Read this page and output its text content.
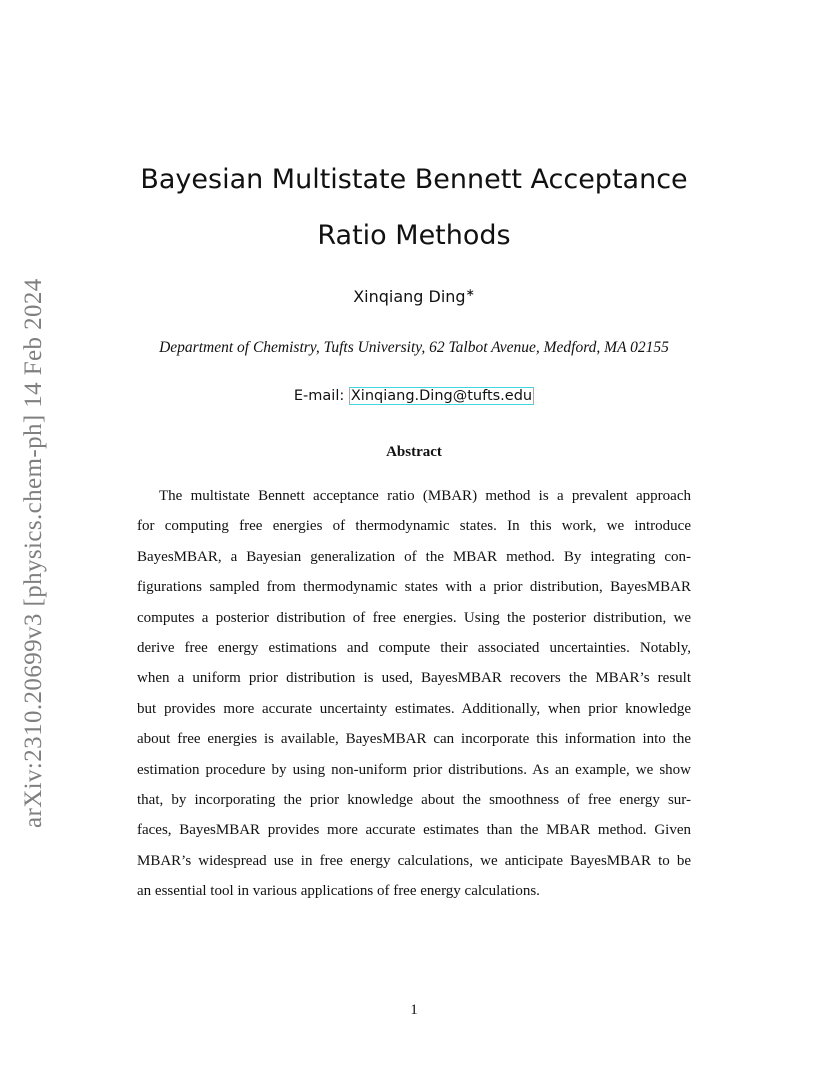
arXiv:2310.20699v3 [physics.chem-ph] 14 Feb 2024
Bayesian Multistate Bennett Acceptance
Ratio Methods
Xinqiang Ding∗
Department of Chemistry, Tufts University, 62 Talbot Avenue, Medford, MA 02155
E-mail: Xinqiang.Ding@tufts.edu
Abstract
The multistate Bennett acceptance ratio (MBAR) method is a prevalent approach
for computing free energies of thermodynamic states. In this work, we introduce
BayesMBAR, a Bayesian generalization of the MBAR method. By integrating con-
figurations sampled from thermodynamic states with a prior distribution, BayesMBAR
computes a posterior distribution of free energies. Using the posterior distribution, we
derive free energy estimations and compute their associated uncertainties. Notably,
when a uniform prior distribution is used, BayesMBAR recovers the MBAR’s result
but provides more accurate uncertainty estimates. Additionally, when prior knowledge
about free energies is available, BayesMBAR can incorporate this information into the
estimation procedure by using non-uniform prior distributions. As an example, we show
that, by incorporating the prior knowledge about the smoothness of free energy sur-
faces, BayesMBAR provides more accurate estimates than the MBAR method. Given
MBAR’s widespread use in free energy calculations, we anticipate BayesMBAR to be
an essential tool in various applications of free energy calculations.
1
